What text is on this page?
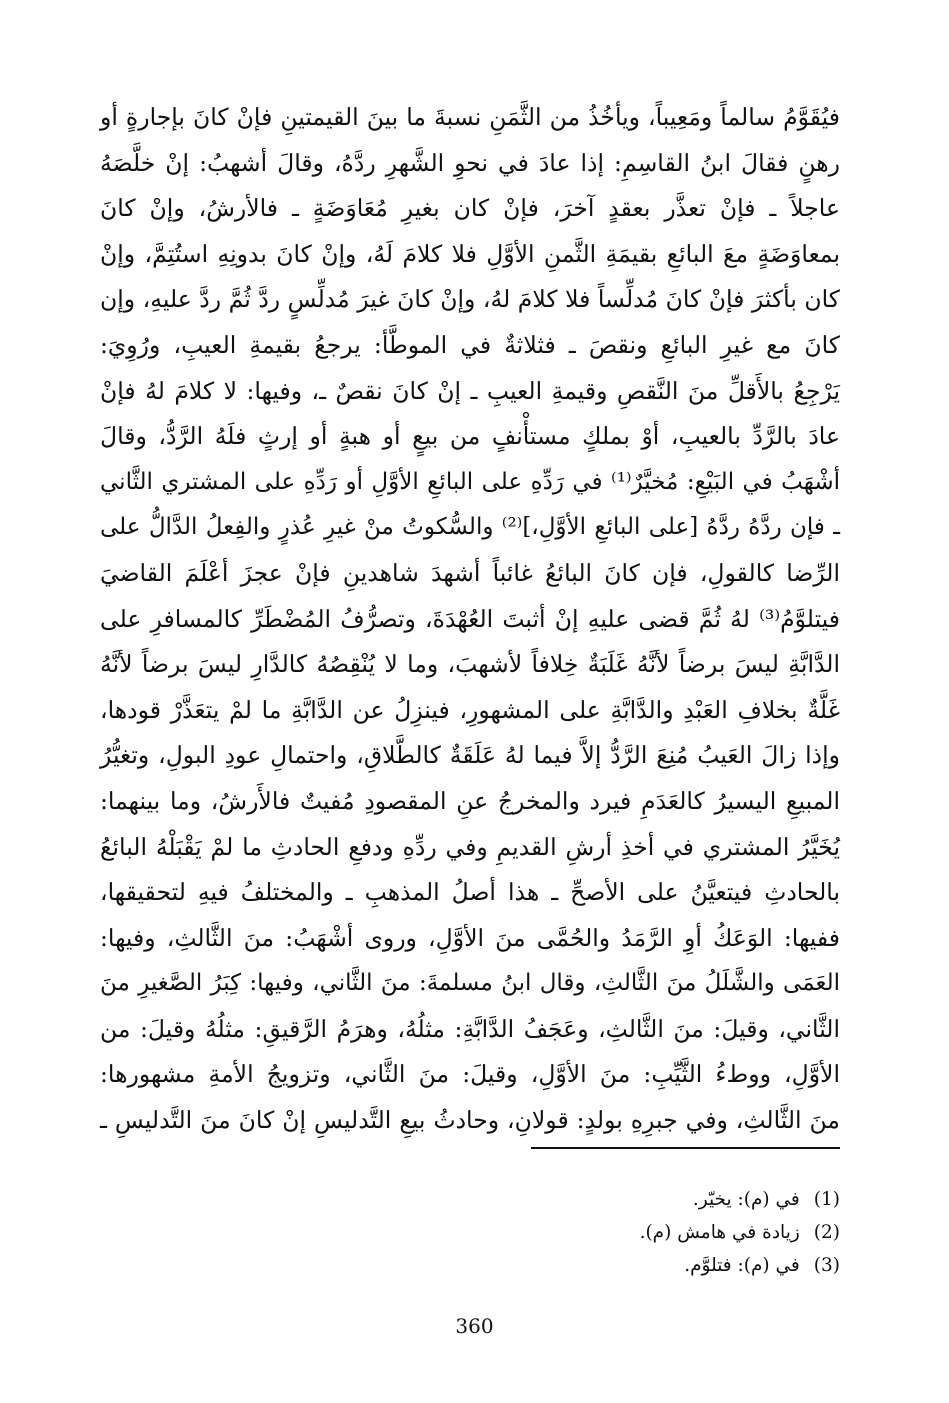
فيُقَوَّمُ سالماً ومَعِيباً، ويأخُذُ من الثَّمَنِ نسبةَ ما بينَ القيمتينِ فإنْ كانَ بإجارةٍ أو
رهنٍ فقالَ ابنُ القاسِمِ: إذا عادَ في نحوِ الشَّهرِ ردَّهُ، وقالَ أشهبُ: إنْ خلَّصَهُ
عاجلاً ـ فإنْ تعذَّر بعقدٍ آخرَ، فإنْ كان بغيرِ مُعَاوَضَةٍ ـ فالأرشُ، وإنْ كانَ
بمعاوَضَةٍ معَ البائعِ بقيمَةِ الثَّمنِ الأوَّلِ فلا كلامَ لَهُ، وإنْ كانَ بدونِهِ استُتِمَّ، وإنْ
كان بأكثرَ فإنْ كانَ مُدلِّساً فلا كلامَ لهُ، وإنْ كانَ غيرَ مُدلِّسٍ ردَّ ثُمَّ ردَّ عليهِ، وإن
كانَ مع غيرِ البائعِ ونقصَ ـ فثلاثةٌ في الموطَّأ: يرجعُ بقيمةِ العيبِ، ورُوِيَ:
يَرْجِعُ بالأَقلِّ منَ النَّقصِ وقيمةِ العيبِ ـ إنْ كانَ نقصٌ ـ، وفيها: لا كلامَ لهُ فإنْ
عادَ بالرَّدِّ بالعيبِ، أوْ بملكٍ مستأْنفٍ من بيعٍ أو هبةٍ أو إرثٍ فلَهُ الرَّدُّ، وقالَ
أشْهَبُ في البَيْعِ: مُخيَّرٌ⁽¹⁾ في رَدِّهِ على البائعِ الأوَّلِ أو رَدِّهِ على المشتري الثَّاني
ـ فإن ردَّهُ ردَّهُ [على البائعِ الأوَّلِ،]⁽²⁾ والسُّكوتُ منْ غيرِ عُذرٍ والفِعلُ الدَّالُّ على
الرِّضا كالقولِ، فإن كانَ البائعُ غائباً أشهدَ شاهدينِ فإنْ عجزَ أعْلَمَ القاضيَ
فيتلوَّمُ⁽³⁾ لهُ ثُمَّ قضى عليهِ إنْ أثبتَ العُهْدَةَ، وتصرُّفُ المُضْطَرِّ كالمسافرِ على
الدَّابَّةِ ليسَ برضاً لأنَّهُ غَلَبَةٌ خِلافاً لأشهبَ، وما لا يُنْقِصُهُ كالدَّارِ ليسَ برضاً لأنَّهُ
غَلَّةٌ بخلافِ العَبْدِ والدَّابَّةِ على المشهورِ، فينزِلُ عن الدَّابَّةِ ما لمْ يتعَذَّرْ قودها،
وإذا زالَ العَيبُ مُنِعَ الرَّدُّ إلاَّ فيما لهُ عَلَقَةٌ كالطَّلاقِ، واحتمالِ عودِ البولِ، وتغيُّرُ
المبيعِ اليسيرُ كالعَدَمِ فيرد والمخرجُ عنِ المقصودِ مُفيتٌ فالأَرشُ، وما بينهما:
يُخَيَّرُ المشتري في أخذِ أرشِ القديمِ وفي ردِّهِ ودفعِ الحادثِ ما لمْ يَقْبَلْهُ البائعُ
بالحادثِ فيتعيَّنُ على الأصحِّ ـ هذا أصلُ المذهبِ ـ والمختلفُ فيهِ لتحقيقها،
ففيها: الوَعَكُ أوِ الرَّمَدُ والحُمَّى منَ الأوَّلِ، وروى أشْهَبُ: منَ الثَّالثِ، وفيها:
العَمَى والشَّلَلُ منَ الثَّالثِ، وقال ابنُ مسلمةَ: منَ الثَّاني، وفيها: كِبَرُ الصَّغيرِ منَ
الثَّاني، وقيلَ: منَ الثَّالثِ، وعَجَفُ الدَّابَّةِ: مثلُهُ، وهرَمُ الرَّقيقِ: مثلُهُ وقيلَ: من
الأوَّلِ، ووطءُ الثَّيِّبِ: منَ الأوَّلِ، وقيلَ: منَ الثَّاني، وتزويجُ الأمةِ مشهورها:
منَ الثَّالثِ، وفي جبرِهِ بولدٍ: قولانِ، وحادثُ بيعِ التَّدليسِ إنْ كانَ منَ التَّدليسِ ـ
(1)في (م): يخيّر.
(2)زيادة في هامش (م).
(3)في (م): فتلوَّم.
360
